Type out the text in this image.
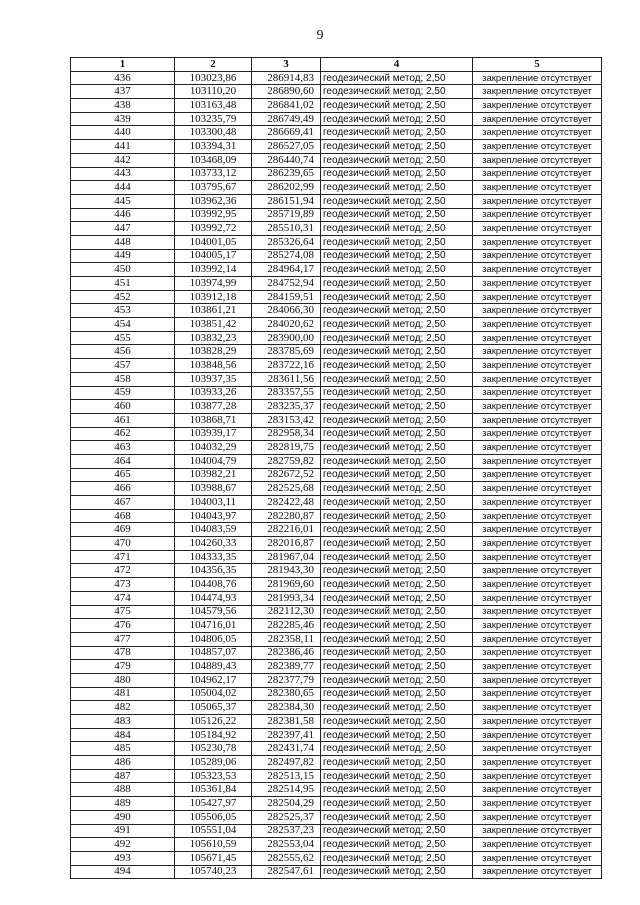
9
1	2	3	4	5
436	103023,86	286914,83	геодезический метод; 2,50	закрепление отсутствует
437	103110,20	286890,60	геодезический метод; 2,50	закрепление отсутствует
438	103163,48	286841,02	геодезический метод; 2,50	закрепление отсутствует
439	103235,79	286749,49	геодезический метод; 2,50	закрепление отсутствует
440	103300,48	286669,41	геодезический метод; 2,50	закрепление отсутствует
441	103394,31	286527,05	геодезический метод; 2,50	закрепление отсутствует
442	103468,09	286440,74	геодезический метод; 2,50	закрепление отсутствует
443	103733,12	286239,65	геодезический метод; 2,50	закрепление отсутствует
444	103795,67	286202,99	геодезический метод; 2,50	закрепление отсутствует
445	103962,36	286151,94	геодезический метод; 2,50	закрепление отсутствует
446	103992,95	285719,89	геодезический метод; 2,50	закрепление отсутствует
447	103992,72	285510,31	геодезический метод; 2,50	закрепление отсутствует
448	104001,05	285326,64	геодезический метод; 2,50	закрепление отсутствует
449	104005,17	285274,08	геодезический метод; 2,50	закрепление отсутствует
450	103992,14	284964,17	геодезический метод; 2,50	закрепление отсутствует
451	103974,99	284752,94	геодезический метод; 2,50	закрепление отсутствует
452	103912,18	284159,51	геодезический метод; 2,50	закрепление отсутствует
453	103861,21	284066,30	геодезический метод; 2,50	закрепление отсутствует
454	103851,42	284020,62	геодезический метод; 2,50	закрепление отсутствует
455	103832,23	283900,00	геодезический метод; 2,50	закрепление отсутствует
456	103828,29	283785,69	геодезический метод; 2,50	закрепление отсутствует
457	103848,56	283722,16	геодезический метод; 2,50	закрепление отсутствует
458	103937,35	283611,56	геодезический метод; 2,50	закрепление отсутствует
459	103933,26	283357,55	геодезический метод; 2,50	закрепление отсутствует
460	103877,28	283235,37	геодезический метод; 2,50	закрепление отсутствует
461	103868,71	283153,42	геодезический метод; 2,50	закрепление отсутствует
462	103939,17	282958,34	геодезический метод; 2,50	закрепление отсутствует
463	104032,29	282819,75	геодезический метод; 2,50	закрепление отсутствует
464	104004,79	282759,82	геодезический метод; 2,50	закрепление отсутствует
465	103982,21	282672,52	геодезический метод; 2,50	закрепление отсутствует
466	103988,67	282525,68	геодезический метод; 2,50	закрепление отсутствует
467	104003,11	282422,48	геодезический метод; 2,50	закрепление отсутствует
468	104043,97	282280,87	геодезический метод; 2,50	закрепление отсутствует
469	104083,59	282216,01	геодезический метод; 2,50	закрепление отсутствует
470	104260,33	282016,87	геодезический метод; 2,50	закрепление отсутствует
471	104333,35	281967,04	геодезический метод; 2,50	закрепление отсутствует
472	104356,35	281943,30	геодезический метод; 2,50	закрепление отсутствует
473	104408,76	281969,60	геодезический метод; 2,50	закрепление отсутствует
474	104474,93	281993,34	геодезический метод; 2,50	закрепление отсутствует
475	104579,56	282112,30	геодезический метод; 2,50	закрепление отсутствует
476	104716,01	282285,46	геодезический метод; 2,50	закрепление отсутствует
477	104806,05	282358,11	геодезический метод; 2,50	закрепление отсутствует
478	104857,07	282386,46	геодезический метод; 2,50	закрепление отсутствует
479	104889,43	282389,77	геодезический метод; 2,50	закрепление отсутствует
480	104962,17	282377,79	геодезический метод; 2,50	закрепление отсутствует
481	105004,02	282380,65	геодезический метод; 2,50	закрепление отсутствует
482	105065,37	282384,30	геодезический метод; 2,50	закрепление отсутствует
483	105126,22	282381,58	геодезический метод; 2,50	закрепление отсутствует
484	105184,92	282397,41	геодезический метод; 2,50	закрепление отсутствует
485	105230,78	282431,74	геодезический метод; 2,50	закрепление отсутствует
486	105289,06	282497,82	геодезический метод; 2,50	закрепление отсутствует
487	105323,53	282513,15	геодезический метод; 2,50	закрепление отсутствует
488	105361,84	282514,95	геодезический метод; 2,50	закрепление отсутствует
489	105427,97	282504,29	геодезический метод; 2,50	закрепление отсутствует
490	105506,05	282525,37	геодезический метод; 2,50	закрепление отсутствует
491	105551,04	282537,23	геодезический метод; 2,50	закрепление отсутствует
492	105610,59	282553,04	геодезический метод; 2,50	закрепление отсутствует
493	105671,45	282555,62	геодезический метод; 2,50	закрепление отсутствует
494	105740,23	282547,61	геодезический метод; 2,50	закрепление отсутствует
